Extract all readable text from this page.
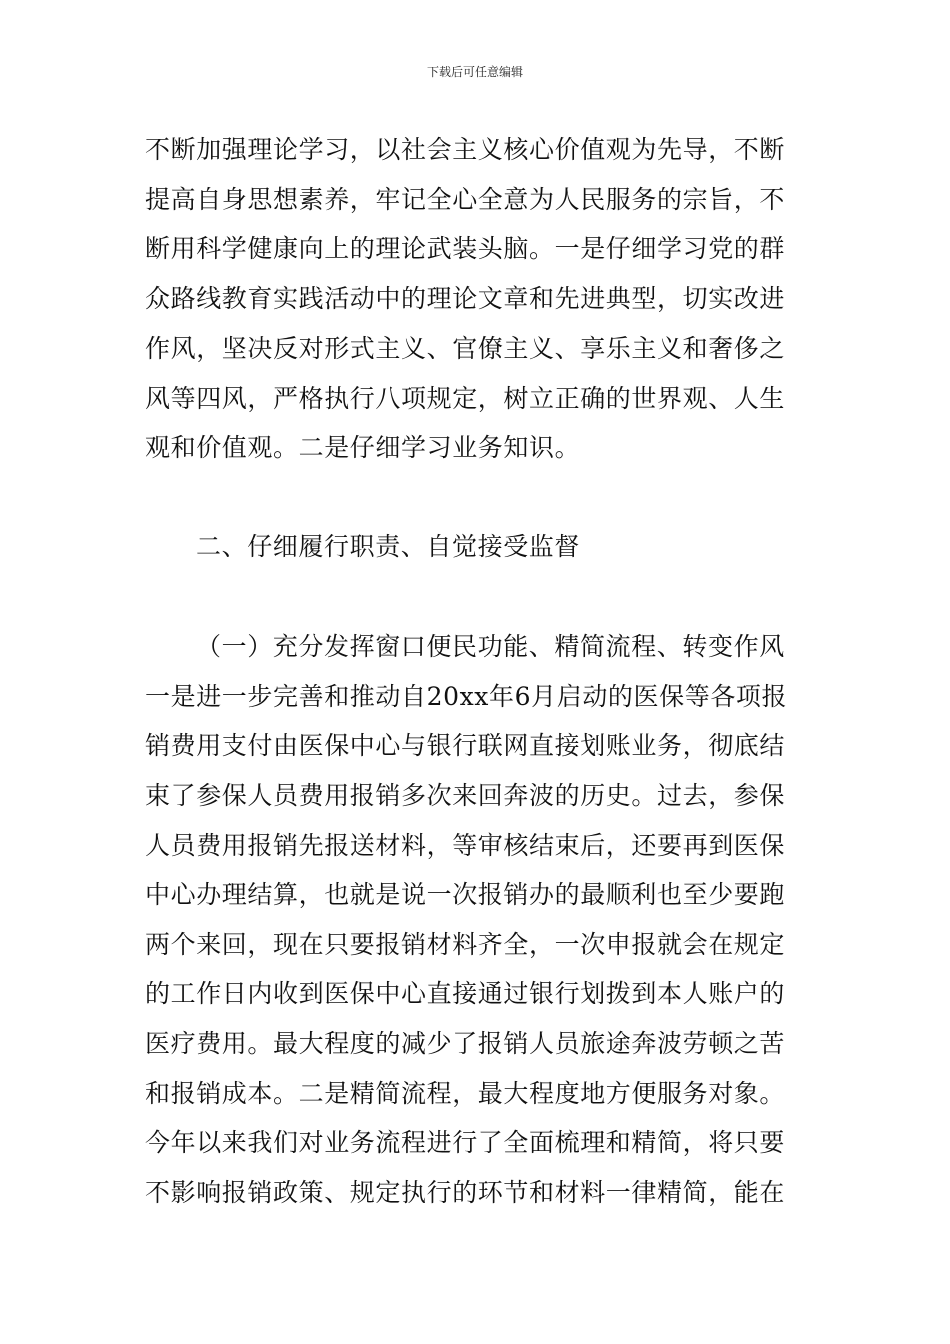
下载后可任意编辑
不断加强理论学习，以社会主义核心价值观为先导，不断
提高自身思想素养，牢记全心全意为人民服务的宗旨，不
断用科学健康向上的理论武装头脑。一是仔细学习党的群
众路线教育实践活动中的理论文章和先进典型，切实改进
作风，坚决反对形式主义、官僚主义、享乐主义和奢侈之
风等四风，严格执行八项规定，树立正确的世界观、人生
观和价值观。二是仔细学习业务知识。
二、仔细履行职责、自觉接受监督
（一）充分发挥窗口便民功能、精简流程、转变作风
一是进一步完善和推动自20xx年6月启动的医保等各项报
销费用支付由医保中心与银行联网直接划账业务，彻底结
束了参保人员费用报销多次来回奔波的历史。过去，参保
人员费用报销先报送材料，等审核结束后，还要再到医保
中心办理结算，也就是说一次报销办的最顺利也至少要跑
两个来回，现在只要报销材料齐全，一次申报就会在规定
的工作日内收到医保中心直接通过银行划拨到本人账户的
医疗费用。最大程度的减少了报销人员旅途奔波劳顿之苦
和报销成本。二是精简流程，最大程度地方便服务对象。
今年以来我们对业务流程进行了全面梳理和精简，将只要
不影响报销政策、规定执行的环节和材料一律精简，能在
